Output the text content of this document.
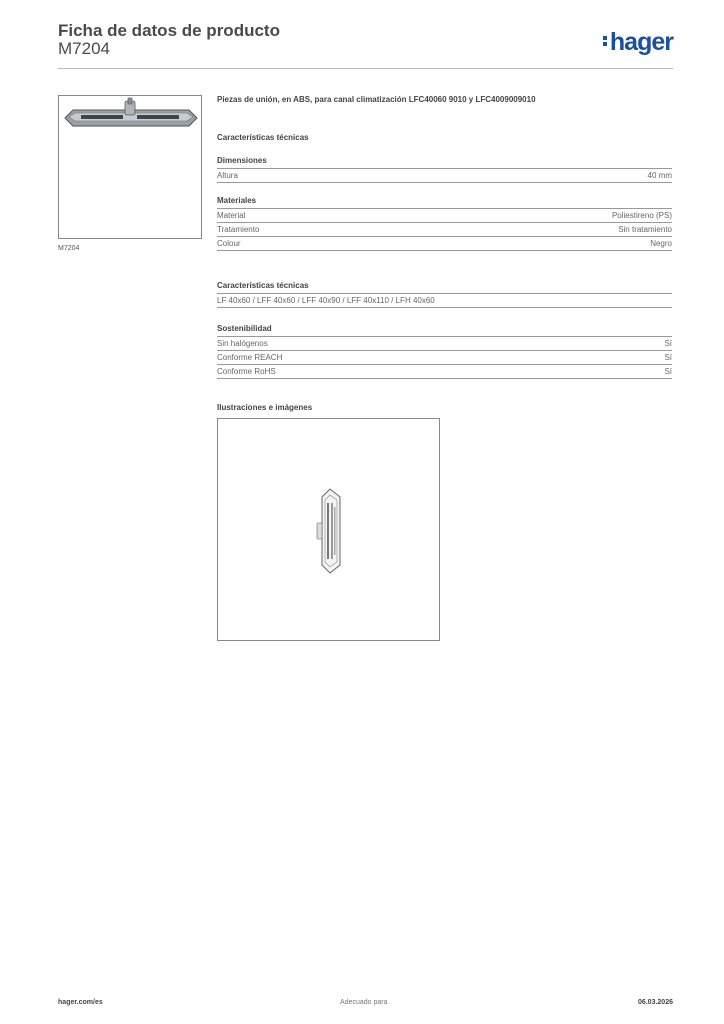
Ficha de datos de producto
M7204	hager
M7204

Piezas de unión, en ABS, para canal climatización LFC40060 9010 y LFC4009009010

Características técnicas
Dimensiones
Altura	40 mm
Materiales
Material	Poliestireno (PS)
Tratamiento	Sin tratamiento
Colour	Negro
Características técnicas
LF 40x60 / LFF 40x60 / LFF 40x90 / LFF 40x110 / LFH 40x60
Sostenibilidad
Sin halógenos	Sí
Conforme REACH	Sí
Conforme RoHS	Sí
Ilustraciones e imágenes
hager.com/es	Adecuado para	06.03.2026
